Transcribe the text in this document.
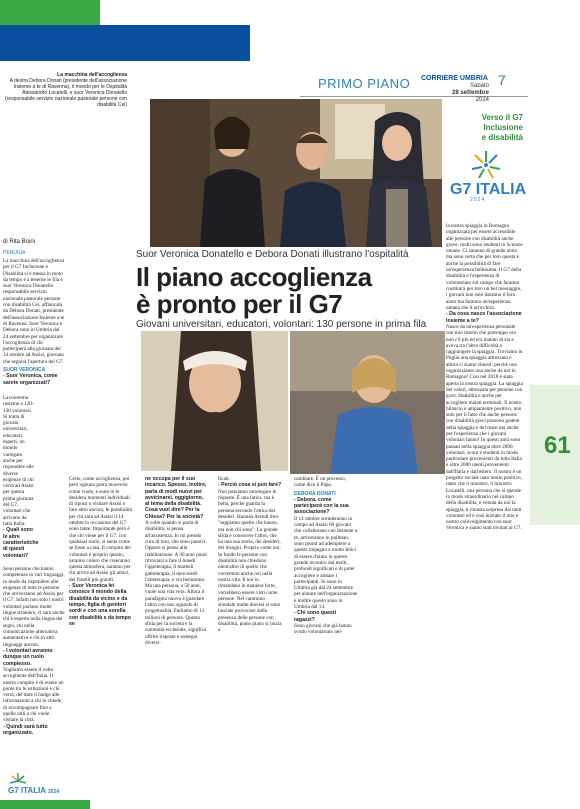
61
PRIMO PIANO CORRIERE UMBRIA
Sabato
28 settembre
2024
7
Verso il G7
Inclusione
e disabilità
G7 ITALIA
2024
La macchina dell'accoglienza
A destra Debora Donati (presidente dell'associazione Insieme a te di Ravenna), il mondo per le Ospitalità Alessandro Locatelli, e suor Veronica Donatello (responsabile servizio nazionale pastorale persone con disabilità Cei)
di Rita Boini
PERUGIA	Suor Veronica Donatello e Debora Donati illustrano l'ospitalità
Il piano accoglienza
è pronto per il G7
Giovani universitari, educatori, volontari: 130 persone in prima fila

La macchina dell'accoglienza per il G7 Inclusione e Disabilità si è messa in moto da tempo e a tenerne le fila è suor Veronica Donatello responsabile servizio nazionale pastorale persone con disabilità Cei, affiancata da Debora Donati, presidente dell'associazione Insieme a te di Ravenna. Suor Veronica e Debora sono in Umbria dal 24 settembre per organizzare l'accoglienza di chi parteciperà alla giornata del 14 ottobre ad Assisi, giornata che seguirà l'apertura del G7.

SUOR VERONICA

- Suor Veronica, come sarete organizzati?

Lavoreremo insieme a 120-130 volontari. Si tratta di giovani universitari, educatori, esperti, un mondo variegato anche per rispondere alle diverse esigenze di chi verrà ad Assisi per questa prima giornata del G7, volontari che arrivano da tutta Italia.

- Quali sono le altre caratteristiche di questi volontari?

Sono persone che hanno competenze in vari linguaggi, in modo da rispondere alle esigenze di tutte le persone che arriveranno ad Assisi per il G7. Infatti non solo i nostri volontari parlano molte lingue straniere, ci sarà anche chi è esperto nella lingua dei segni, chi nella comunicazione alternativa aumentativa e chi in altri linguaggi ancora.

- I volontari avranno dunque un ruolo complesso.

Vogliamo essere il volto accogliente dell'Italia. Il nostro compito è di essere un ponte tra le istituzioni e chi verrà, del dare il badge alle informazioni a chi lo chiede, di accompagnare fino a quelle utili a chi vuole visitare la città.

- Quindi sarà tutto organizzato.

Certo, come accoglienza, poi però ognuno potrà muoversi come vuole, e sono io le desidera momenti individuali di riposo o visitare Assisi o fare altro ancora, le possibilità per chi sarà ad Assisi il 14 ottobre in occasione del G7 sono tante. Importante però è che chi viene per il G7, con qualsiasi ruolo, si senta come se fosse a casa. Il compito dei volontari è proprio questo, saranno coloro che creeranno questa atmosfera, saranno per chi arriva ad Assisi gli amici, dei fratelli più grandi.

- Suor Veronica lei conosce il mondo della disabilità da vicino e da tempo, figlia di genitori sordi e con una sorella con disabilità e da tempo se

ne occupa per il suo incarico. Spesso, inoltre, parla di modi nuovi per avvicinarsi, oggigiorno, al tema della disabilità. Cosa vuol dire? Per la Chiesa? Per la società?

A volte quando si parla di disabilità, si pensa all'assistenza. Io mi prendo cura di loro, che sono passivi. Oppure si pensa alla riabilitazione. A 30 anni punti ritrovarsi a fare il lunedì l'ippoterapia, il martedì gattoterapia, il mercoledì l'arteterapia, e via benissimo. Ma una persona, a 50 anni, vuole una vita vera. Allora il paradigma nuovo è guardare l'altro con uno sguardo di progettualità. Parliamo di 13 milioni di persone. Questa sfida per la società e la comunità ecclesiale, significa offrire risposte e sostegni diversi-

ficati.

- Perciò cosa si può fare?

Non possiamo omologare le risposte. È una fatica, ma è bella, perché guarda la persona secondo l'ottica dei desideri. Hannah Arendt dice "sappiamo quello che hanno, ma non chi sono". La grande sfida è conoscere l'altro, che ha una sua storia, dei desideri, dei bisogni. Proprio come noi. In fondo le persone con disabilità non chiedono nient'altro di quello che vorremmo anche noi nella nostra vita. Il noi io rimandano in maniera forte, vorrebbero essere visti come persone. Nel cammino sinodale molte diocesi si sono lasciate provocare dalla presenza delle persone con disabilità, piano piano si inizia a

cambiare. È un processo, come dice il Papa.

DEBORA DONATI

- Debora, come parteciperà con la sua associazione?

Il 14 ottobre scenderanno in campo ad Assisi 60 giovani che collaborano con Insieme a te, arriveranno in pullman, sono pronti ad adempiere a questo impegno e molto felici di essere d'aiuto in questo grande incontro dai molti, profondi significati e di poter accogliere e aiutare i partecipanti. Io sono in Umbria già dal 24 settembre per aiutare nell'organizzazione e inoltre questo sono in Umbria dal 14.

- Chi sono questi ragazzi?

Sono giovani che già hanno svolto volontariato nel-

la nostra spiaggia in Romagna organizzata per essere accessibile alle persone con disabilità anche grave, molti sono studenti in Scienze umane. Ci saranno di grande aiuto ma sono certa che per loro questa è anche la possibilità di fare un'esperienza bellissima. Il G7 della disabilità e l'esperienza di volontariato sul campo che faranno costituirà per loro un bel messaggio, i giovani non solo daranno il loro aiuto ma faranno un'esperienza umana che li arricchirà.

- Da cosa nasce l'associazione Insieme a te?

Nasce da un'esperienza personale con mio marito che purtroppo ora non c'è più ed era malato di sla e aveva tra l'altro difficoltà a raggiungere la spiaggia. Troviamo in Puglia una spiaggia attrezzata e allora ci siamo chiesti: perché non organizziamo una anche da noi in Romagna? Così nel 2018 è stata aperta la nostra spiaggia. La spiaggia dei valori, attrezzata per persone con gravi disabilità e anche per accogliere malati terminali. Il nostro bilancio è ampiamente positivo, non solo per il fatto che anche persone con disabilità gravi possono godere della spiaggia e del mare ma anche per l'esperienza che i giovani volontari fanno! In questi anni sono passati nella spiaggia oltre 2000 volontari, scout e studenti in modo particolare provenienti da tutta Italia e oltre 2000 utenti provenienti dall'Italia e dall'estero. Il nostro è un progetto sociale nato molto positivo, tanto che il ministro, il ministro Locatelli, una persona che si spende in modo straordinario nel campo della disabilità, è venuta da noi la spiaggia, è rimasta sorpresa dai tanti volontari ed è così iniziato il mio e nostro coinvolgimento con suor Veronica e siamo stati invitati al G7.

G7 ITALIA 2024
